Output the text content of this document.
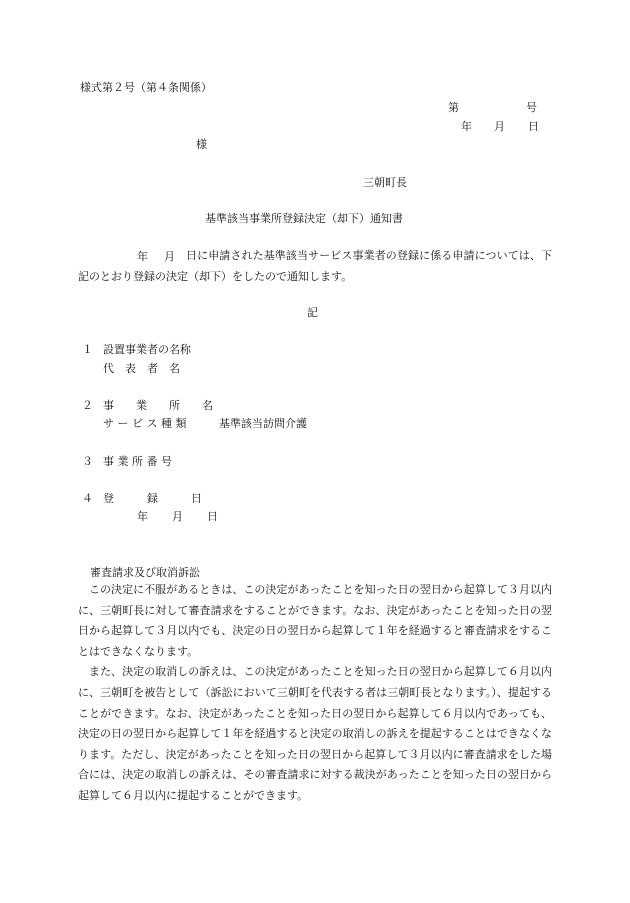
様式第２号（第４条関係）
第	号
年 月 日
様
三朝町長
基準該当事業所登録決定（却下）通知書
年 月	日に申請された基準該当サービス事業者の登録に係る申請については、下記のとおり登録の決定（却下）をしたので通知します。
記
１ 設置事業者の名称
代　表　者　名
２ 事　　業　　所　　名
サ ー ビ ス 種 類	基準該当訪問介護
３ 事 業 所 番 号
４ 登　　　録　　　日
年 月 日
審査請求及び取消訴訟

この決定に不服があるときは、この決定があったことを知った日の翌日から起算して３月以内に、三朝町長に対して審査請求をすることができます。なお、決定があったことを知った日の翌日から起算して３月以内でも、決定の日の翌日から起算して１年を経過すると審査請求をすることはできなくなります。

また、決定の取消しの訴えは、この決定があったことを知った日の翌日から起算して６月以内に、三朝町を被告として（訴訟において三朝町を代表する者は三朝町長となります。）、提起することができます。なお、決定があったことを知った日の翌日から起算して６月以内であっても、決定の日の翌日から起算して１年を経過すると決定の取消しの訴えを提起することはできなくなります。ただし、決定があったことを知った日の翌日から起算して３月以内に審査請求をした場合には、決定の取消しの訴えは、その審査請求に対する裁決があったことを知った日の翌日から起算して６月以内に提起することができます。
